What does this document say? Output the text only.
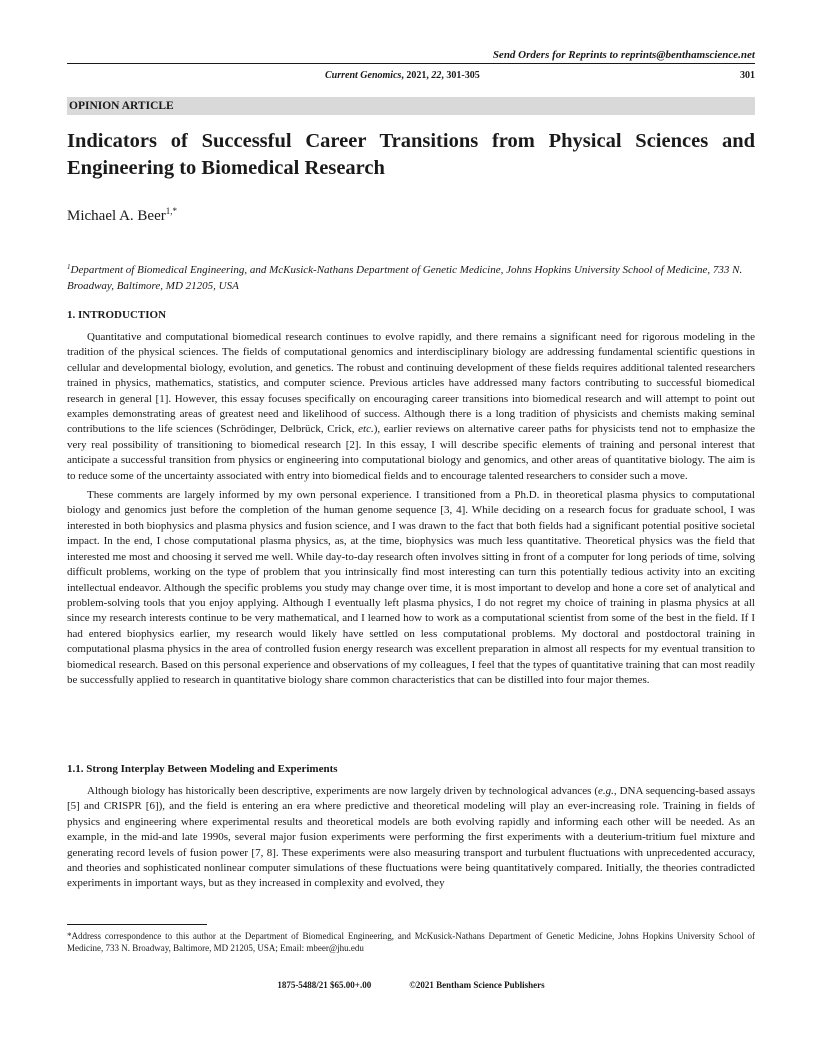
Send Orders for Reprints to reprints@benthamscience.net
Current Genomics, 2021, 22, 301-305	301
OPINION ARTICLE
Indicators of Successful Career Transitions from Physical Sciences and Engineering to Biomedical Research
Michael A. Beer$^{1,*}$
$^1$Department of Biomedical Engineering, and McKusick-Nathans Department of Genetic Medicine, Johns Hopkins University School of Medicine, 733 N. Broadway, Baltimore, MD 21205, USA
1. INTRODUCTION

Quantitative and computational biomedical research continues to evolve rapidly, and there remains a significant need for rigorous modeling in the tradition of the physical sciences. The fields of computational genomics and interdisciplinary biology are addressing fundamental scientific questions in cellular and developmental biology, evolution, and genetics. The robust and continuing development of these fields requires additional talented researchers trained in physics, mathematics, statistics, and computer science. Previous articles have addressed many factors contributing to successful biomedical research in general [1]. However, this essay focuses specifically on encouraging career transitions into biomedical research and will attempt to point out examples demonstrating areas of greatest need and likelihood of success. Although there is a long tradition of physicists and chemists making seminal contributions to the life sciences (Schrödinger, Delbrück, Crick, etc.), earlier reviews on alternative career paths for physicists tend not to emphasize the very real possibility of transitioning to biomedical research [2]. In this essay, I will describe specific elements of training and personal interest that anticipate a successful transition from physics or engineering into computational biology and genomics, and other areas of quantitative biology. The aim is to reduce some of the uncertainty associated with entry into biomedical fields and to encourage talented researchers to consider such a move.

These comments are largely informed by my own personal experience. I transitioned from a Ph.D. in theoretical plasma physics to computational biology and genomics just before the completion of the human genome sequence [3, 4]. While deciding on a research focus for graduate school, I was interested in both biophysics and plasma physics and fusion science, and I was drawn to the fact that both fields had a significant potential positive societal impact. In the end, I chose computational plasma physics, as, at the time, biophysics was much less quantitative. Theoretical physics was the field that interested me most and choosing it served me well. While day-to-day research often involves sitting in front of a computer for long periods of time, solving difficult problems, working on the type of problem that you intrinsically find most interesting can turn this potentially tedious activity into an exciting intellectual endeavor. Although the specific problems you study may change over time, it is most important to develop and hone a core set of analytical and problem-solving tools that you enjoy applying. Although I eventually left plasma physics, I do not regret my choice of training in plasma physics at all since my research interests continue to be very mathematical, and I learned how to work as a computational scientist from some of the best in the field. If I had entered biophysics earlier, my research would likely have settled on less computational problems. My doctoral and postdoctoral training in computational plasma physics in the area of controlled fusion energy research was excellent preparation in almost all respects for my eventual transition to biomedical research. Based on this personal experience and observations of my colleagues, I feel that the types of quantitative training that can most readily be successfully applied to research in quantitative biology share common characteristics that can be distilled into four major themes.

1.1. Strong Interplay Between Modeling and Experiments

Although biology has historically been descriptive, experiments are now largely driven by technological advances (e.g., DNA sequencing-based assays [5] and CRISPR [6]), and the field is entering an era where predictive and theoretical modeling will play an ever-increasing role. Training in fields of physics and engineering where experimental results and theoretical models are both evolving rapidly and informing each other will be needed. As an example, in the mid-and late 1990s, several major fusion experiments were performing the first experiments with a deuterium-tritium fuel mixture and generating record levels of fusion power [7, 8]. These experiments were also measuring transport and turbulent fluctuations with unprecedented accuracy, and theories and sophisticated nonlinear computer simulations of these fluctuations were being quantitatively compared. Initially, the theories contradicted experiments in important ways, but as they increased in complexity and evolved, they

*Address correspondence to this author at the Department of Biomedical Engineering, and McKusick-Nathans Department of Genetic Medicine, Johns Hopkins University School of Medicine, 733 N. Broadway, Baltimore, MD 21205, USA; Email: mbeer@jhu.edu
1875-5488/21 $65.00+.00	©2021 Bentham Science Publishers
